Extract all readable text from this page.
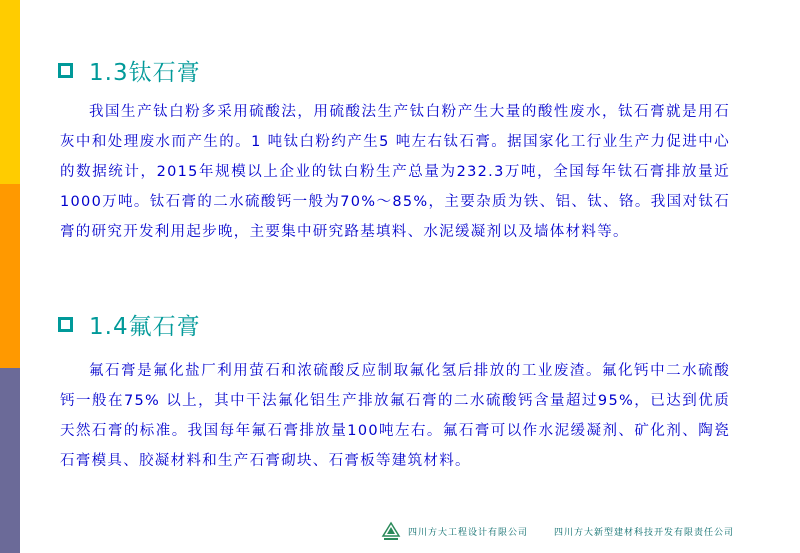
1.3钛石膏

我国生产钛白粉多采用硫酸法，用硫酸法生产钛白粉产生大量的酸性废水，钛石膏就是用石灰中和处理废水而产生的。1 吨钛白粉约产生5 吨左右钛石膏。据国家化工行业生产力促进中心的数据统计，2015年规模以上企业的钛白粉生产总量为232.3万吨，全国每年钛石膏排放量近1000万吨。钛石膏的二水硫酸钙一般为70%～85%，主要杂质为铁、铝、钛、铬。我国对钛石膏的研究开发利用起步晚，主要集中研究路基填料、水泥缓凝剂以及墙体材料等。

1.4氟石膏

氟石膏是氟化盐厂利用萤石和浓硫酸反应制取氟化氢后排放的工业废渣。氟化钙中二水硫酸钙一般在75% 以上，其中干法氟化铝生产排放氟石膏的二水硫酸钙含量超过95%，已达到优质天然石膏的标准。我国每年氟石膏排放量100吨左右。氟石膏可以作水泥缓凝剂、矿化剂、陶瓷石膏模具、胶凝材料和生产石膏砌块、石膏板等建筑材料。

四川方大工程设计有限公司	四川方大新型建材科技开发有限责任公司
